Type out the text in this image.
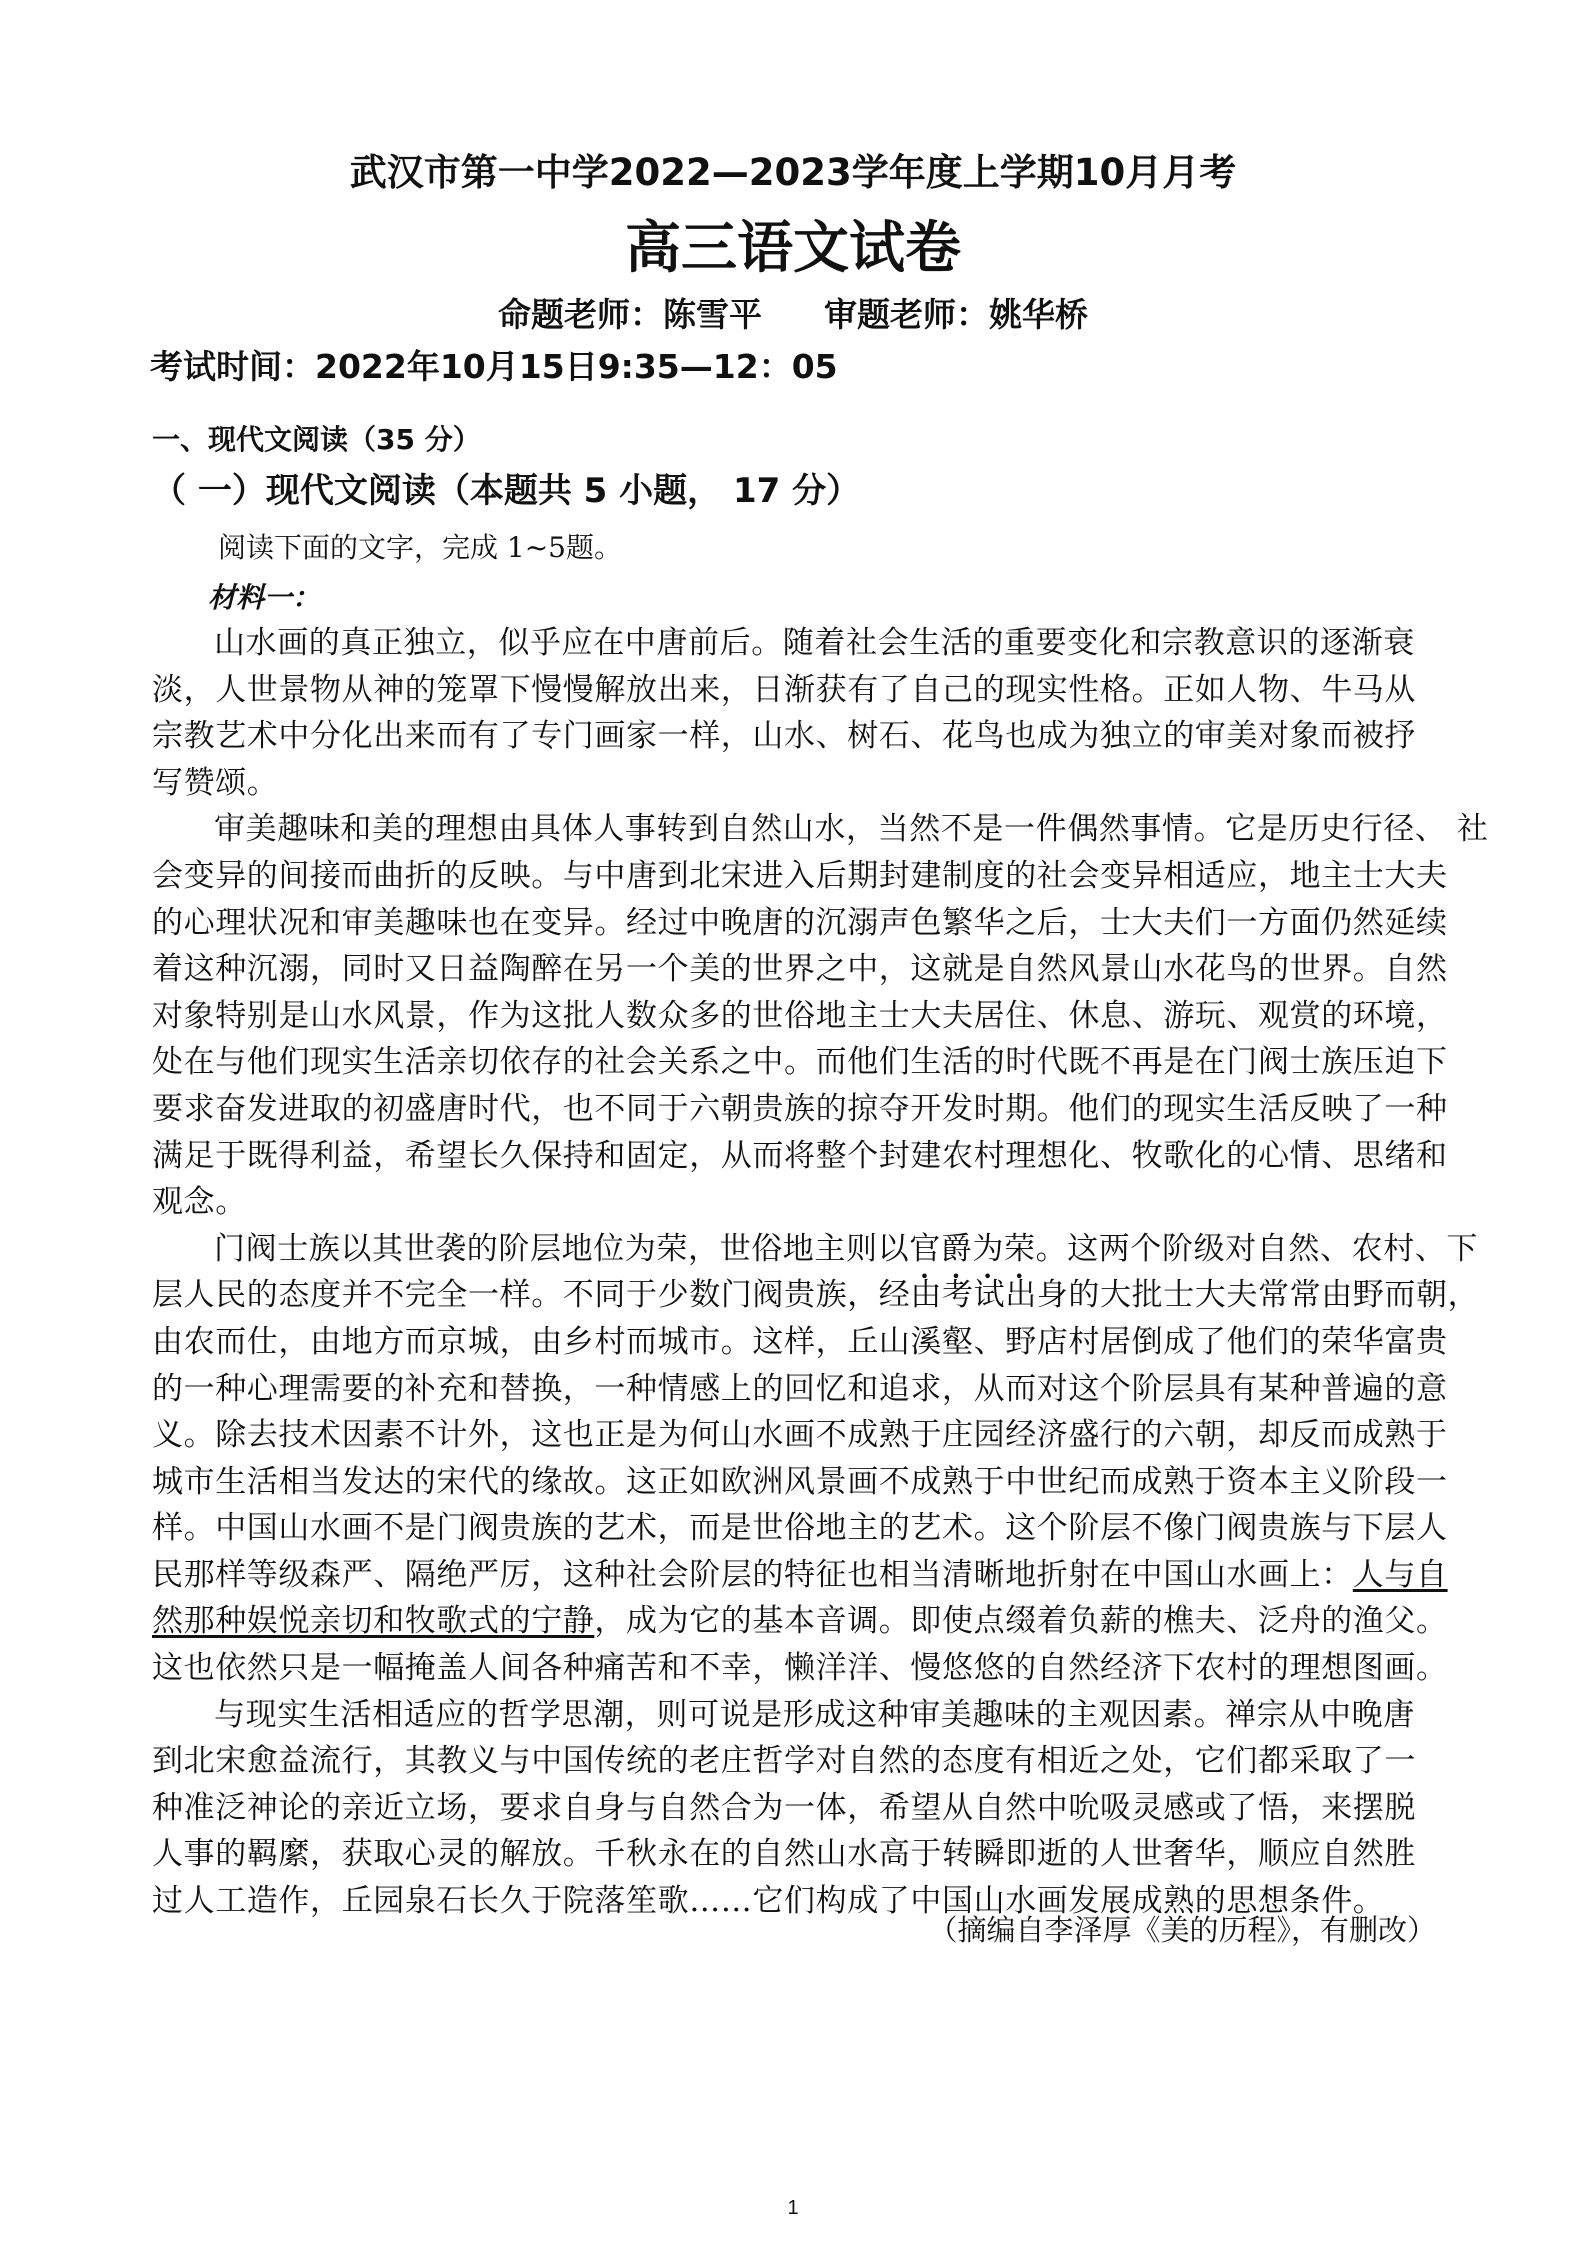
武汉市第一中学2022—2023学年度上学期10月月考
高三语文试卷
命题老师：陈雪平 审题老师：姚华桥
考试时间：2022年10月15日9:35—12：05
一、现代文阅读（35 分）
（ 一）现代文阅读（本题共 5 小题， 17 分）
阅读下面的文字，完成 1~5题。
材料一：
山水画的真正独立，似乎应在中唐前后。随着社会生活的重要变化和宗教意识的逐渐衰
淡，人世景物从神的笼罩下慢慢解放出来，日渐获有了自己的现实性格。正如人物、牛马从
宗教艺术中分化出来而有了专门画家一样，山水、树石、花鸟也成为独立的审美对象而被抒
写赞颂。
审美趣味和美的理想由具体人事转到自然山水，当然不是一件偶然事情。它是历史行径、 社
会变异的间接而曲折的反映。与中唐到北宋进入后期封建制度的社会变异相适应，地主士大夫
的心理状况和审美趣味也在变异。经过中晚唐的沉溺声色繁华之后，士大夫们一方面仍然延续
着这种沉溺，同时又日益陶醉在另一个美的世界之中，这就是自然风景山水花鸟的世界。自然
对象特别是山水风景，作为这批人数众多的世俗地主士大夫居住、休息、游玩、观赏的环境，
处在与他们现实生活亲切依存的社会关系之中。而他们生活的时代既不再是在门阀士族压迫下
要求奋发进取的初盛唐时代，也不同于六朝贵族的掠夺开发时期。他们的现实生活反映了一种
满足于既得利益，希望长久保持和固定，从而将整个封建农村理想化、牧歌化的心情、思绪和
观念。
门阀士族以其世袭的阶层地位为荣，世俗地主则以官爵为荣。这两个阶级对自然、农村、下
层人民的态度并不完全一样。不同于少数门阀贵族，经由考试出身的大批士大夫常常由野而朝，
由农而仕，由地方而京城，由乡村而城市。这样，丘山溪壑、野店村居倒成了他们的荣华富贵
的一种心理需要的补充和替换，一种情感上的回忆和追求，从而对这个阶层具有某种普遍的意
义。除去技术因素不计外，这也正是为何山水画不成熟于庄园经济盛行的六朝，却反而成熟于
城市生活相当发达的宋代的缘故。这正如欧洲风景画不成熟于中世纪而成熟于资本主义阶段一
样。中国山水画不是门阀贵族的艺术，而是世俗地主的艺术。这个阶层不像门阀贵族与下层人
民那样等级森严、隔绝严厉，这种社会阶层的特征也相当清晰地折射在中国山水画上：人与自
然那种娱悦亲切和牧歌式的宁静，成为它的基本音调。即使点缀着负薪的樵夫、泛舟的渔父。
这也依然只是一幅掩盖人间各种痛苦和不幸，懒洋洋、慢悠悠的自然经济下农村的理想图画。
与现实生活相适应的哲学思潮，则可说是形成这种审美趣味的主观因素。禅宗从中晚唐
到北宋愈益流行，其教义与中国传统的老庄哲学对自然的态度有相近之处，它们都采取了一
种准泛神论的亲近立场，要求自身与自然合为一体，希望从自然中吮吸灵感或了悟，来摆脱
人事的羁縻，获取心灵的解放。千秋永在的自然山水高于转瞬即逝的人世奢华，顺应自然胜
过人工造作，丘园泉石长久于院落笙歌……它们构成了中国山水画发展成熟的思想条件。
（摘编自李泽厚《美的历程》，有删改）
1
